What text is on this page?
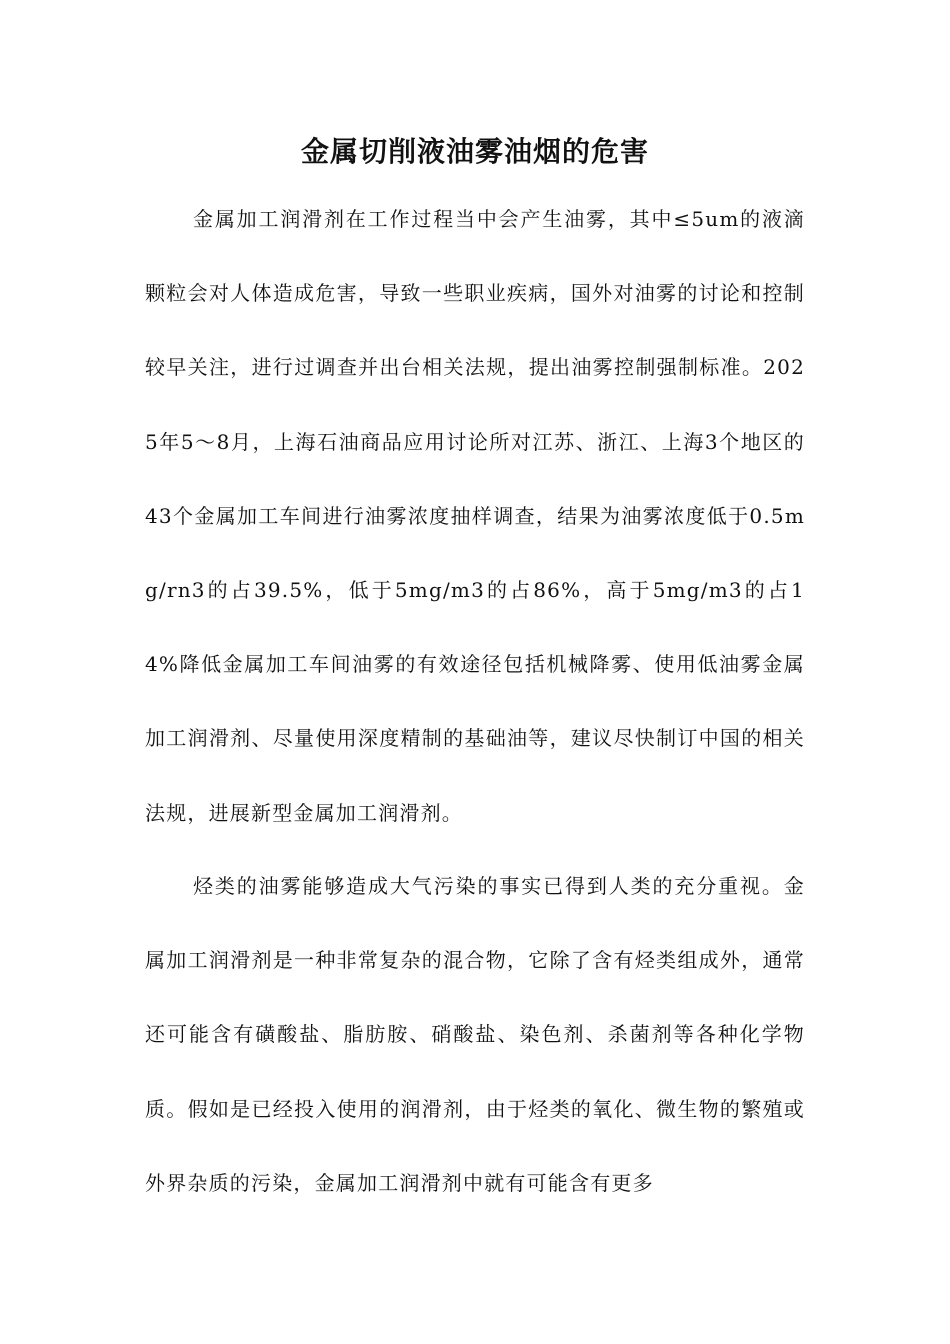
金属切削液油雾油烟的危害

金属加工润滑剂在工作过程当中会产生油雾，其中≤5um的液滴颗粒会对人体造成危害，导致一些职业疾病，国外对油雾的讨论和控制较早关注，进行过调查并出台相关法规，提出油雾控制强制标准。2025年5～8月，上海石油商品应用讨论所对江苏、浙江、上海3个地区的43个金属加工车间进行油雾浓度抽样调查，结果为油雾浓度低于0.5mg/rn3的占39.5%，低于5mg/m3的占86%，高于5mg/m3的占14%降低金属加工车间油雾的有效途径包括机械降雾、使用低油雾金属加工润滑剂、尽量使用深度精制的基础油等，建议尽快制订中国的相关法规，进展新型金属加工润滑剂。

烃类的油雾能够造成大气污染的事实已得到人类的充分重视。金属加工润滑剂是一种非常复杂的混合物，它除了含有烃类组成外，通常还可能含有磺酸盐、脂肪胺、硝酸盐、染色剂、杀菌剂等各种化学物质。假如是已经投入使用的润滑剂，由于烃类的氧化、微生物的繁殖或外界杂质的污染，金属加工润滑剂中就有可能含有更多
